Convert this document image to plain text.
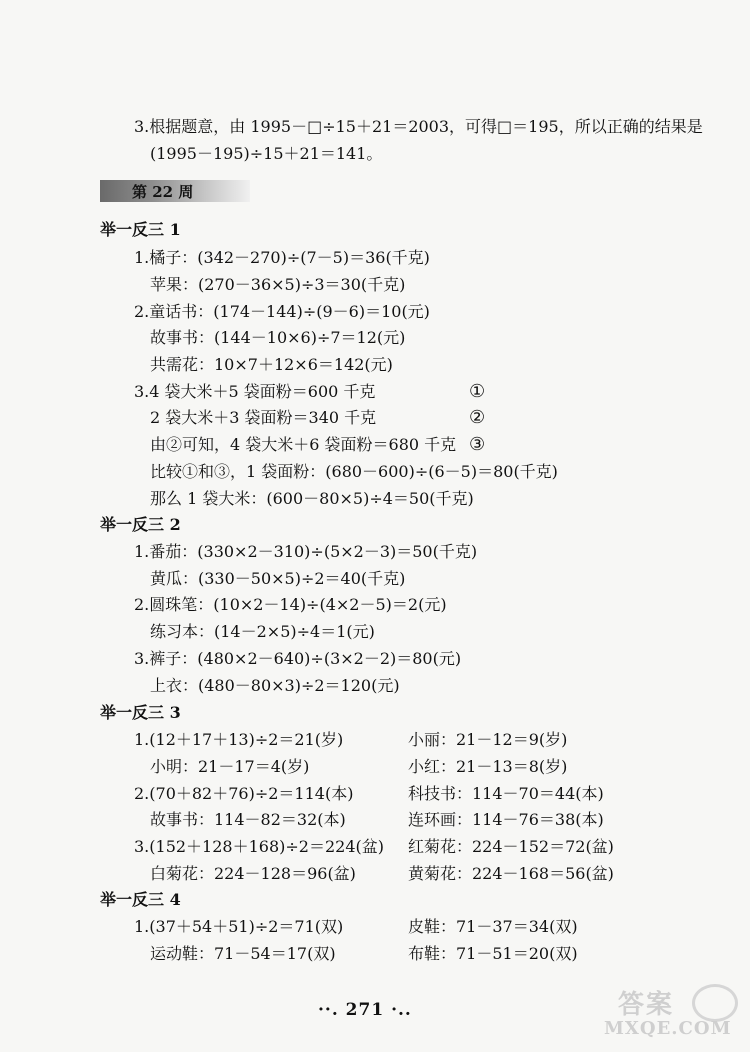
3.根据题意，由 1995－□÷15＋21＝2003，可得□＝195，所以正确的结果是
(1995－195)÷15＋21＝141。
第 22 周
举一反三 1
1.橘子：(342－270)÷(7－5)＝36(千克)
苹果：(270－36×5)÷3＝30(千克)
2.童话书：(174－144)÷(9－6)＝10(元)
故事书：(144－10×6)÷7＝12(元)
共需花：10×7＋12×6＝142(元)
3.4 袋大米＋5 袋面粉＝600 千克
2 袋大米＋3 袋面粉＝340 千克
由②可知，4 袋大米＋6 袋面粉＝680 千克
比较①和③，1 袋面粉：(680－600)÷(6－5)＝80(千克)
那么 1 袋大米：(600－80×5)÷4＝50(千克)
①
②
③
举一反三 2
1.番茄：(330×2－310)÷(5×2－3)＝50(千克)
黄瓜：(330－50×5)÷2＝40(千克)
2.圆珠笔：(10×2－14)÷(4×2－5)＝2(元)
练习本：(14－2×5)÷4＝1(元)
3.裤子：(480×2－640)÷(3×2－2)＝80(元)
上衣：(480－80×3)÷2＝120(元)
举一反三 3
1.(12＋17＋13)÷2＝21(岁)
小明：21－17＝4(岁)
2.(70＋82＋76)÷2＝114(本)
故事书：114－82＝32(本)
3.(152＋128＋168)÷2＝224(盆)
白菊花：224－128＝96(盆)
小丽：21－12＝9(岁)
小红：21－13＝8(岁)
科技书：114－70＝44(本)
连环画：114－76＝38(本)
红菊花：224－152＝72(盆)
黄菊花：224－168＝56(盆)
举一反三 4
1.(37＋54＋51)÷2＝71(双)
运动鞋：71－54＝17(双)
皮鞋：71－37＝34(双)
布鞋：71－51＝20(双)
··. 271 ·..	答案
MXQE.COM
